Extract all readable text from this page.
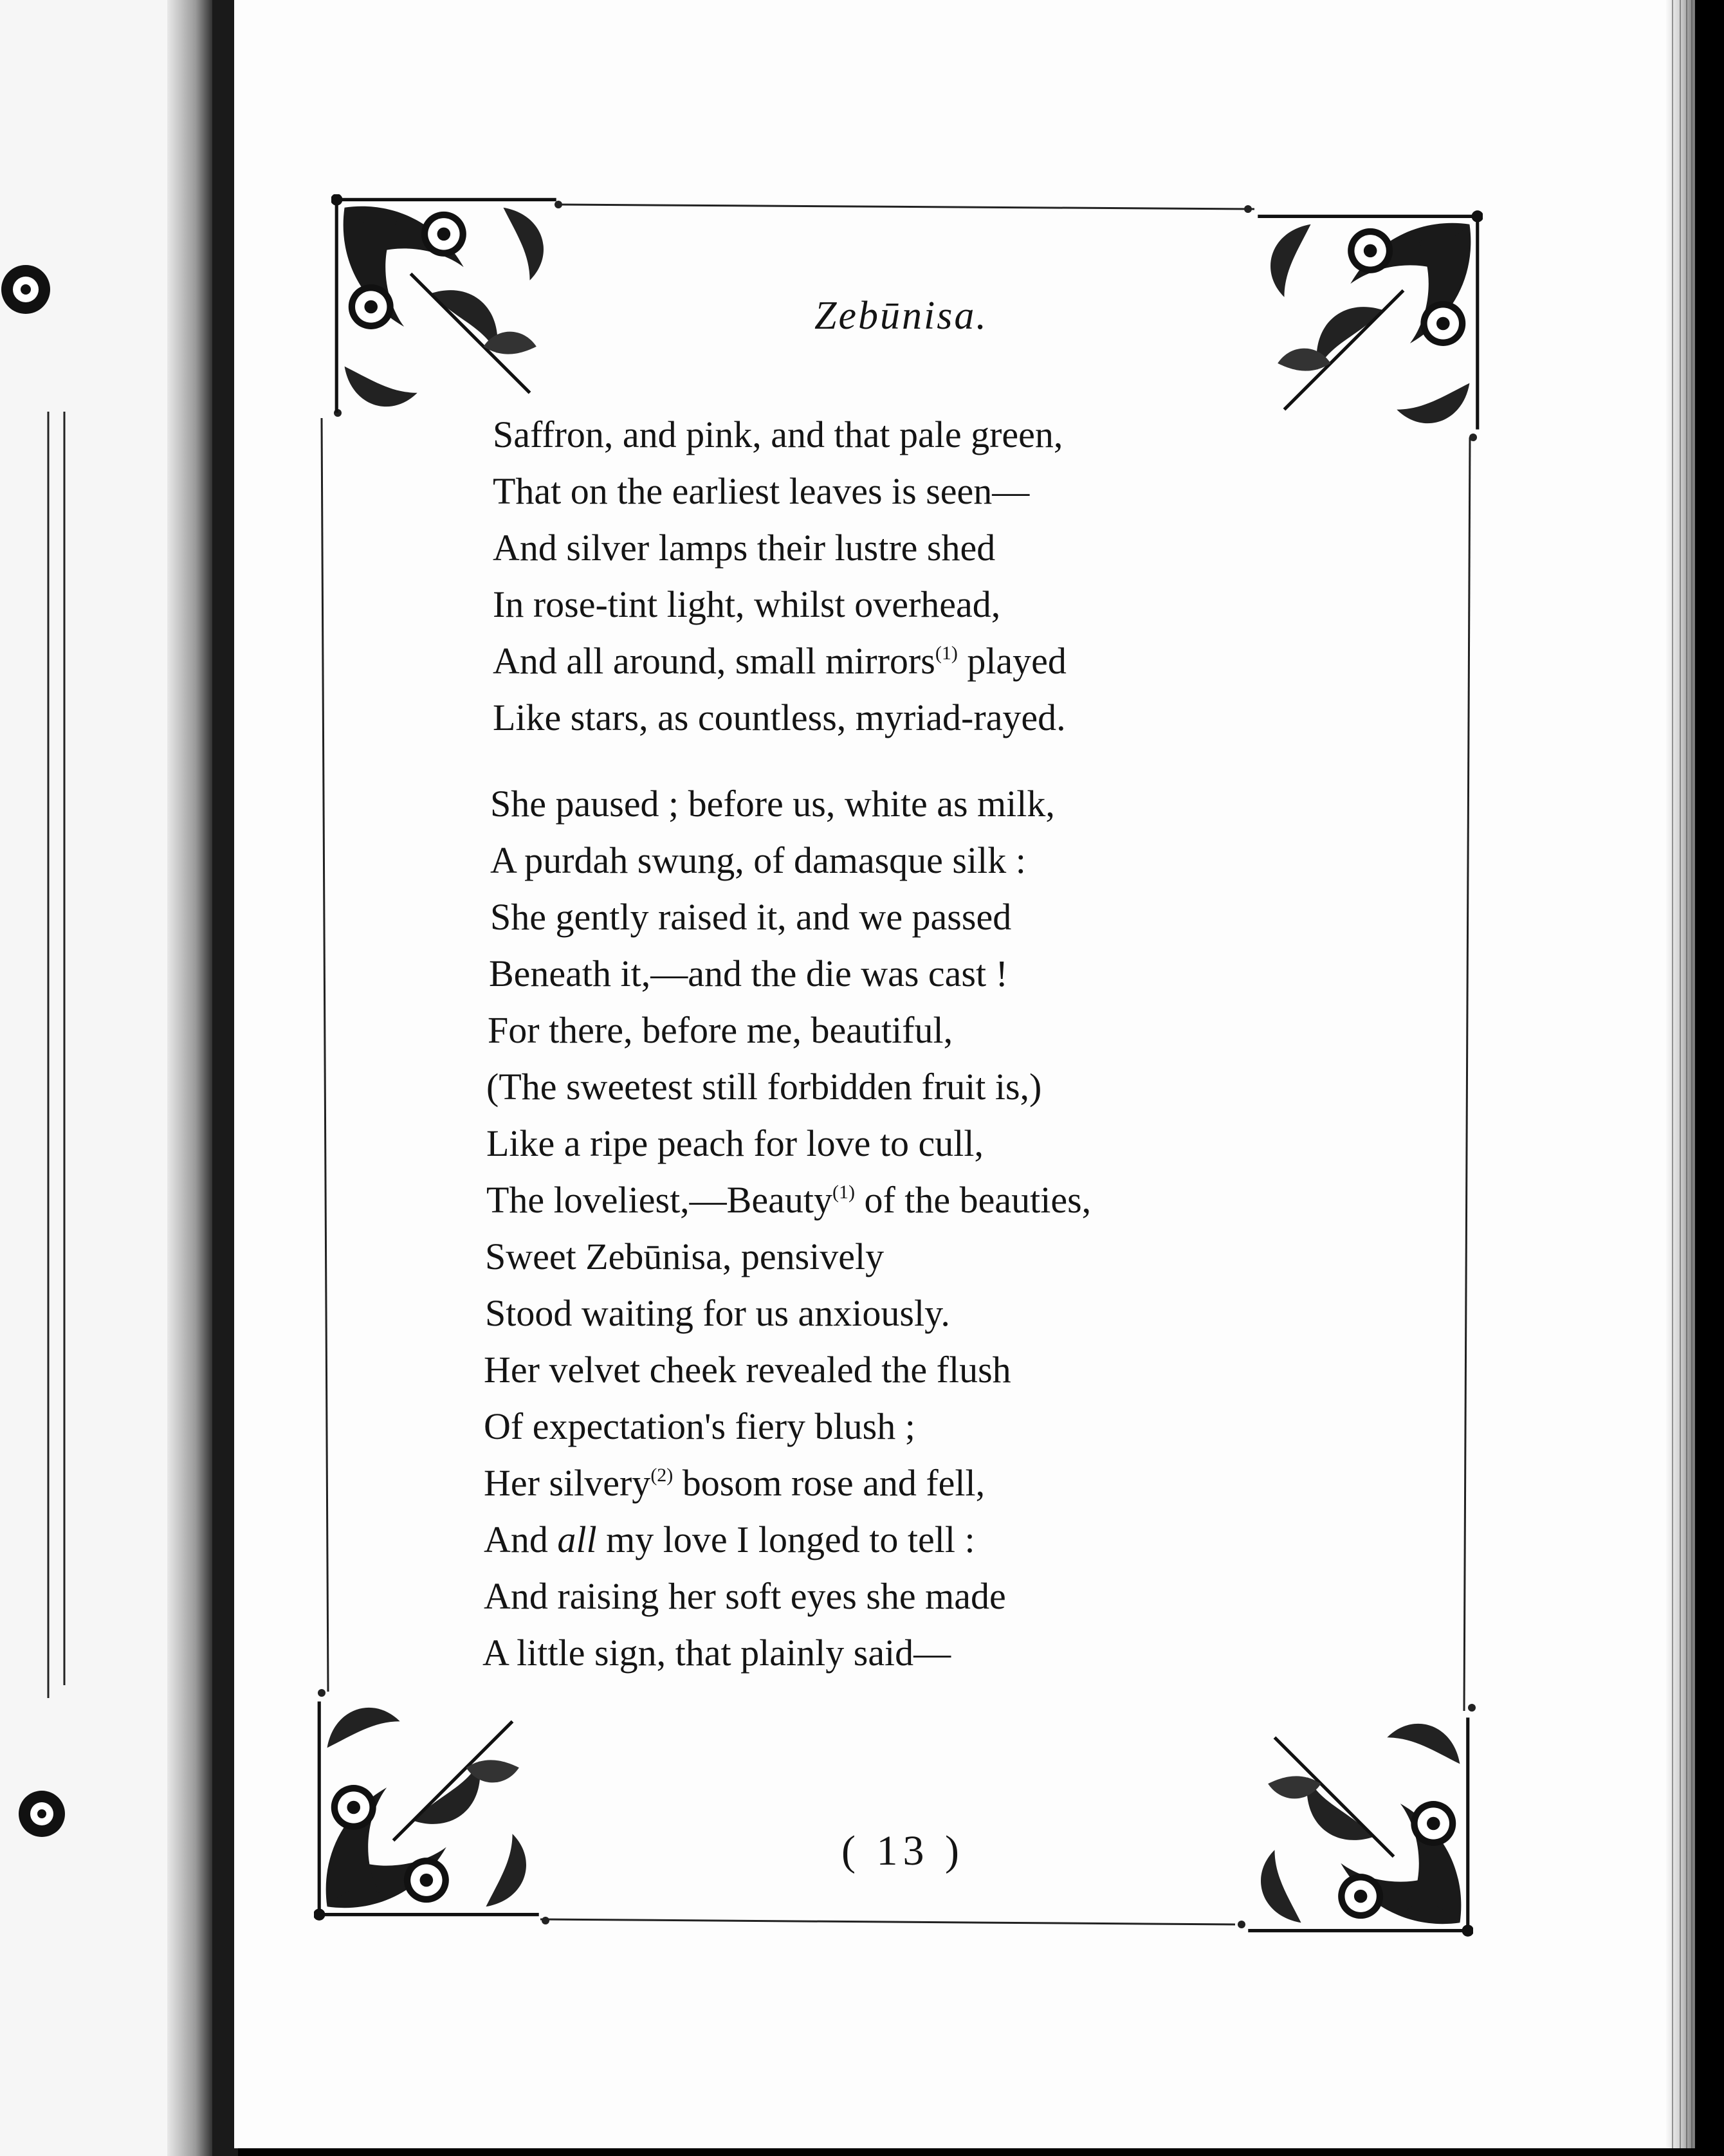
Zebūnisa.
Saffron, and pink, and that pale green,
That on the earliest leaves is seen—
And silver lamps their lustre shed
In rose-tint light, whilst overhead,
And all around, small mirrors$^{(1)}$ played
Like stars, as countless, myriad-rayed.
She paused ; before us, white as milk,
A purdah swung, of damasque silk :
She gently raised it, and we passed
Beneath it,—and the die was cast !
For there, before me, beautiful,
(The sweetest still forbidden fruit is,)
Like a ripe peach for love to cull,
The loveliest,—Beauty$^{(1)}$ of the beauties,
Sweet Zebūnisa, pensively
Stood waiting for us anxiously.
Her velvet cheek revealed the flush
Of expectation's fiery blush ;
Her silvery$^{(2)}$ bosom rose and fell,
And all my love I longed to tell :
And raising her soft eyes she made
A little sign, that plainly said—
( 13 )
